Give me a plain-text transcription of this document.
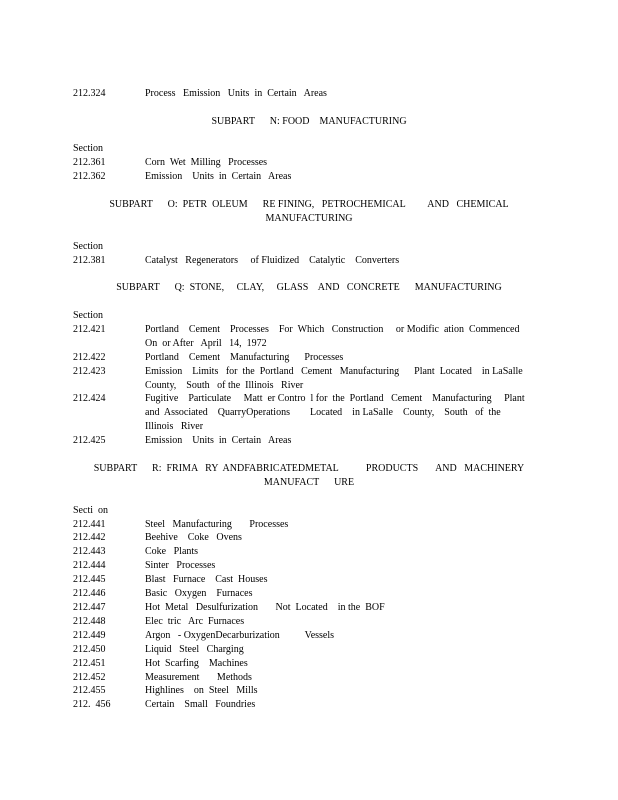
212.324	Process   Emission   Units  in  Certain   Areas
SUBPART      N: FOOD    MANUFACTURING
Section
212.361	Corn  Wet  Milling   Processes
212.362	Emission    Units  in  Certain   Areas
SUBPART      O:  PETR  OLEUM      RE FINING,   PETROCHEMICAL         AND   CHEMICAL
MANUFACTURING
Section
212.381	Catalyst   Regenerators     of Fluidized    Catalytic    Converters
SUBPART      Q:  STONE,     CLAY,     GLASS    AND   CONCRETE      MANUFACTURING
Section
212.421	Portland    Cement    Processes    For  Which   Construction     or Modific  ation  Commenced
On  or After   April   14,  1972
212.422	Portland    Cement    Manufacturing      Processes
212.423	Emission    Limits   for  the  Portland   Cement   Manufacturing      Plant  Located    in LaSalle
County,    South   of the  Illinois   River
212.424	Fugitive    Particulate     Matt  er Contro  l for  the  Portland   Cement    Manufacturing     Plant
and  Associated    QuarryOperations        Located    in LaSalle    County,    South   of  the
Illinois   River
212.425	Emission    Units  in  Certain   Areas
SUBPART      R:  FRIMA   RY  ANDFABRICATEDMETAL           PRODUCTS       AND   MACHINERY
MANUFACT      URE
Secti  on
212.441	Steel   Manufacturing       Processes
212.442	Beehive    Coke   Ovens
212.443	Coke   Plants
212.444	Sinter   Processes
212.445	Blast   Furnace    Cast  Houses
212.446	Basic   Oxygen    Furnaces
212.447	Hot  Metal   Desulfurization       Not  Located    in the  BOF
212.448	Elec  tric   Arc  Furnaces
212.449	Argon   - OxygenDecarburization          Vessels
212.450	Liquid   Steel   Charging
212.451	Hot  Scarfing    Machines
212.452	Measurement       Methods
212.455	Highlines    on  Steel   Mills
212.  456	Certain    Small   Foundries
